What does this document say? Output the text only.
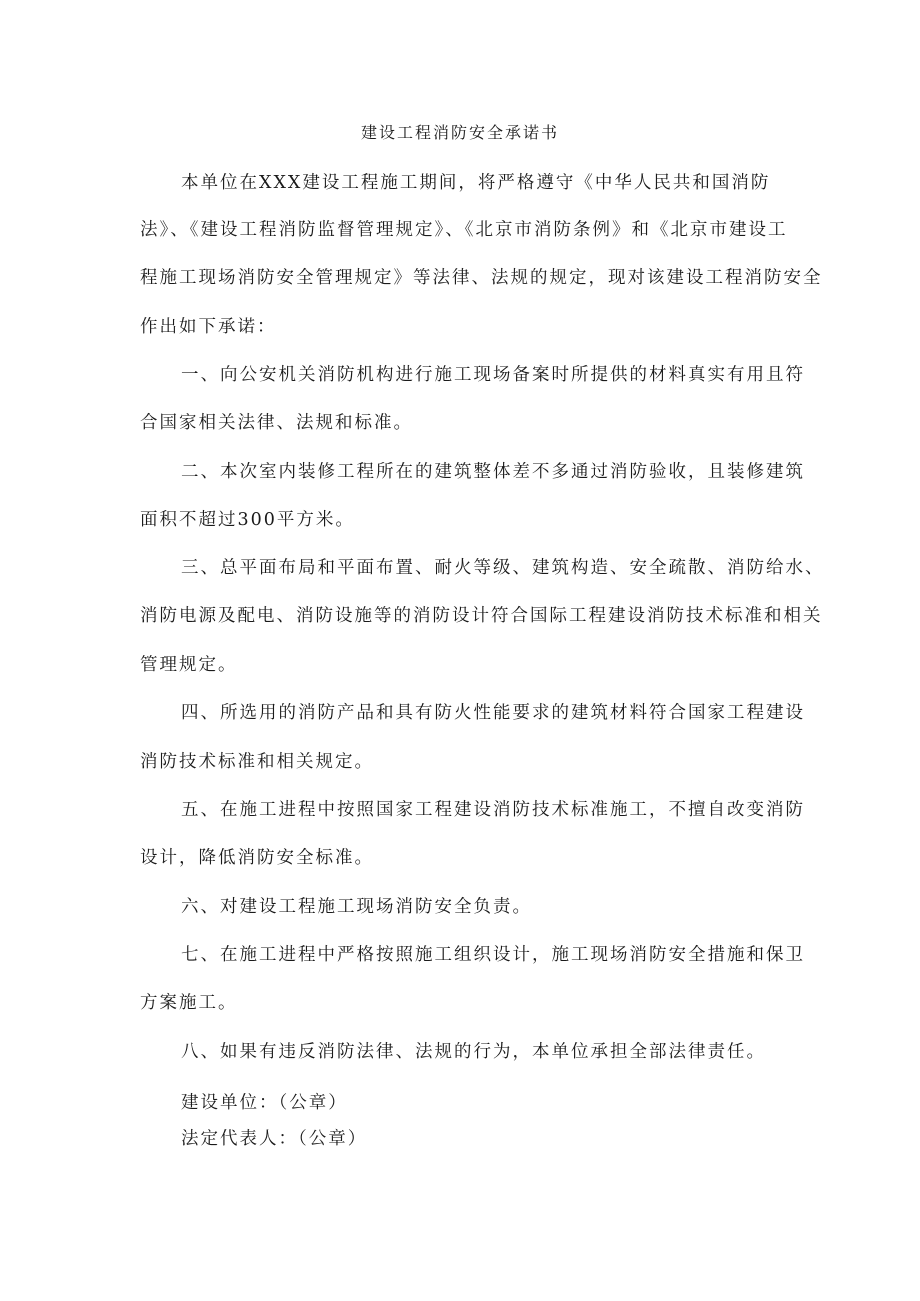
建设工程消防安全承诺书
本单位在XXX建设工程施工期间，将严格遵守《中华人民共和国消防
法》、《建设工程消防监督管理规定》、《北京市消防条例》和《北京市建设工
程施工现场消防安全管理规定》等法律、法规的规定，现对该建设工程消防安全
作出如下承诺：
一、向公安机关消防机构进行施工现场备案时所提供的材料真实有用且符
合国家相关法律、法规和标准。
二、本次室内装修工程所在的建筑整体差不多通过消防验收，且装修建筑
面积不超过300平方米。
三、总平面布局和平面布置、耐火等级、建筑构造、安全疏散、消防给水、
消防电源及配电、消防设施等的消防设计符合国际工程建设消防技术标准和相关
管理规定。
四、所选用的消防产品和具有防火性能要求的建筑材料符合国家工程建设
消防技术标准和相关规定。
五、在施工进程中按照国家工程建设消防技术标准施工，不擅自改变消防
设计，降低消防安全标准。
六、对建设工程施工现场消防安全负责。
七、在施工进程中严格按照施工组织设计，施工现场消防安全措施和保卫
方案施工。
八、如果有违反消防法律、法规的行为，本单位承担全部法律责任。
建设单位：（公章）
法定代表人：（公章）
